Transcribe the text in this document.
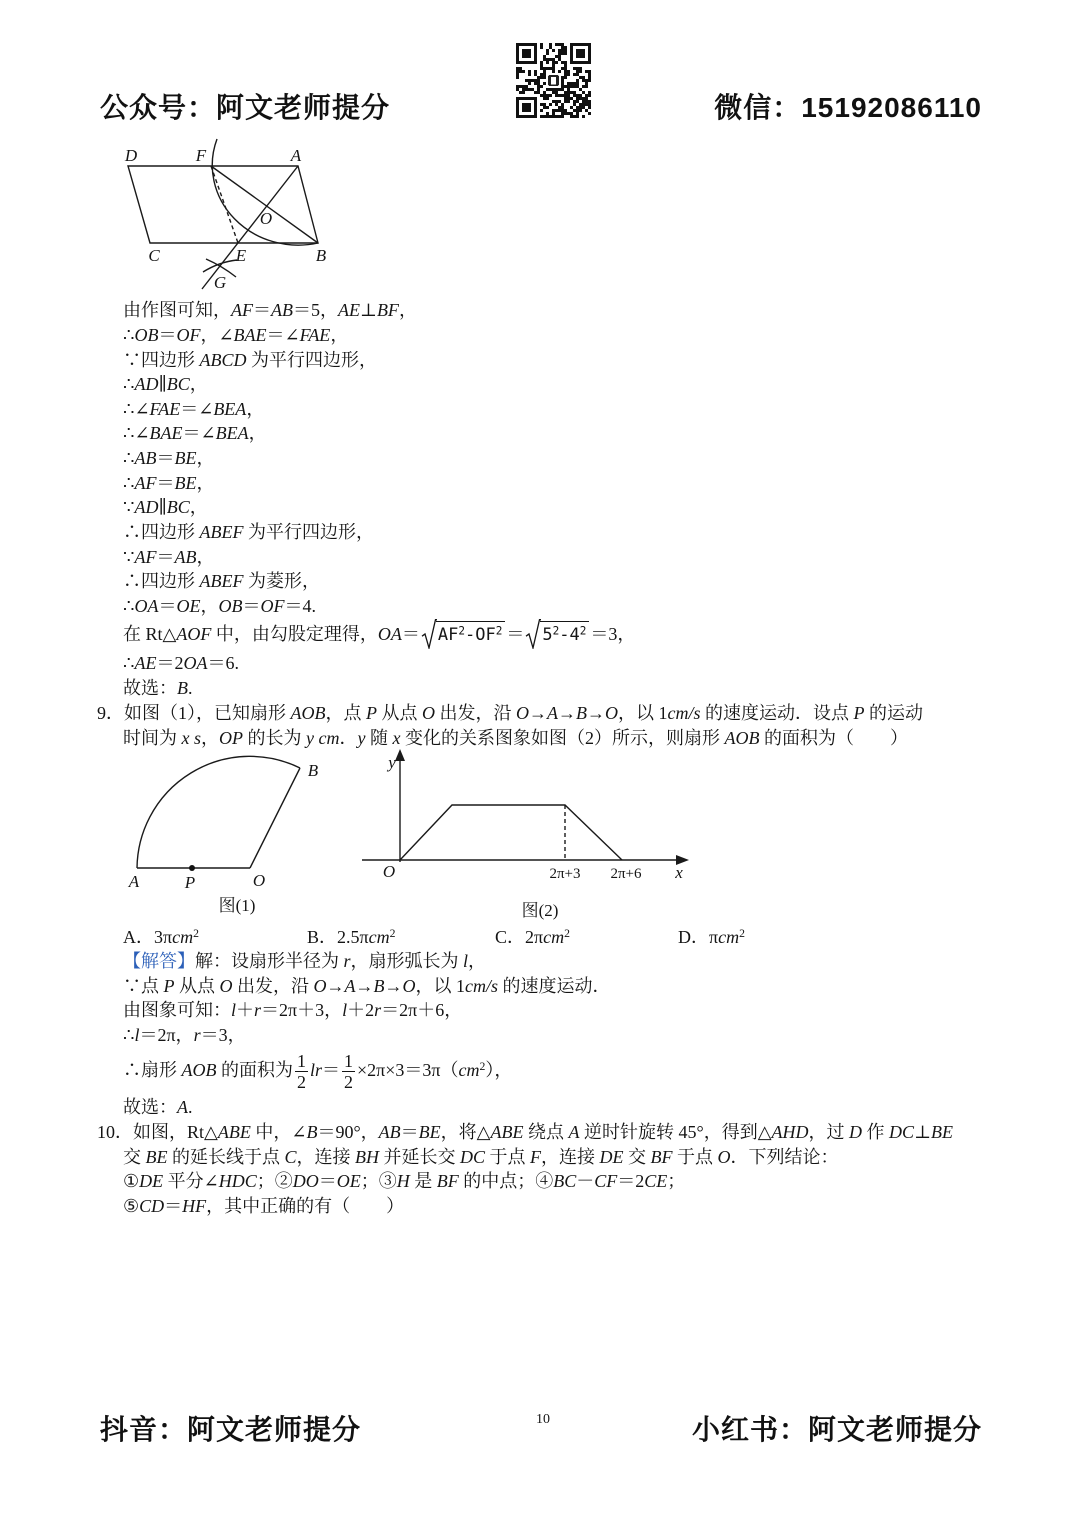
公众号：阿文老师提分	微信：15192086110
D	F	A
O
C	E	B
G
由作图可知，AF＝AB＝5，AE⊥BF，
∴OB＝OF，∠BAE＝∠FAE，
∵四边形 ABCD 为平行四边形，
∴AD∥BC，
∴∠FAE＝∠BEA，
∴∠BAE＝∠BEA，
∴AB＝BE，
∴AF＝BE，
∵AD∥BC，
∴四边形 ABEF 为平行四边形，
∵AF＝AB，
∴四边形 ABEF 为菱形，
∴OA＝OE，OB＝OF＝4.
在 Rt△AOF 中，由勾股定理得，$OA= AF^2-OF^2 = 5^2-4^2 =3$，
∴AE＝2OA＝6.
故选：B.
9．如图（1），已知扇形 AOB，点 P 从点 O 出发，沿 O→A→B→O，以 1cm/s 的速度运动．设点 P 的运动
时间为 x s，OP 的长为 y cm．y 随 x 变化的关系图象如图（2）所示，则扇形 AOB 的面积为（　　）
B
A	P	O
图(1)
y
O	2π+3 2π+6 x
图(2)
A．3πcm$^2$	B．2.5πcm$^2$	C．2πcm$^2$	D．πcm$^2$
【解答】解：设扇形半径为 r，扇形弧长为 l，
∵点 P 从点 O 出发，沿 O→A→B→O，以 1cm/s 的速度运动．
由图象可知：l＋r＝2π＋3，l＋2r＝2π＋6，
∴l＝2π，r＝3，
∴扇形 AOB 的面积为 $\frac{1}{2} lr= \frac{1}{2} \times 2\pi\times 3=3\pi(cm^2)$，
故选：A.
10．如图，Rt△ABE 中，∠B＝90°，AB＝BE，将△ABE 绕点 A 逆时针旋转 45°，得到△AHD，过 D 作 DC⊥BE
交 BE 的延长线于点 C，连接 BH 并延长交 DC 于点 F，连接 DE 交 BF 于点 O．下列结论：
①DE 平分∠HDC；②DO＝OE；③H 是 BF 的中点；④BC－CF＝2CE；
⑤CD＝HF，其中正确的有（　　）
抖音：阿文老师提分	10	小红书：阿文老师提分
